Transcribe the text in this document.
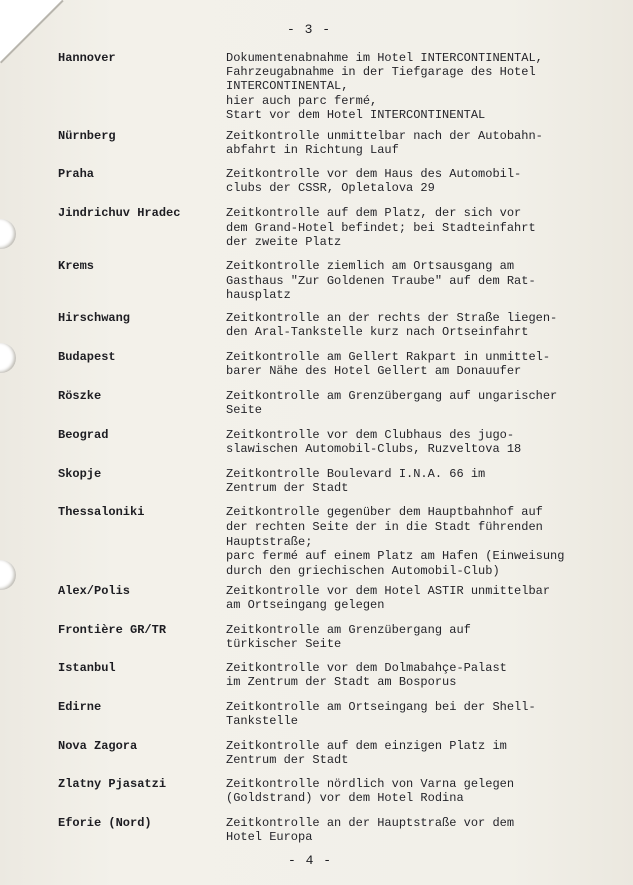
- 3 -
- 4 -
Hannover	Dokumentenabnahme im Hotel INTERCONTINENTAL,
Fahrzeugabnahme in der Tiefgarage des Hotel
INTERCONTINENTAL,
hier auch parc fermé,
Start vor dem Hotel INTERCONTINENTAL
Nürnberg	Zeitkontrolle unmittelbar nach der Autobahn-
abfahrt in Richtung Lauf
Praha	Zeitkontrolle vor dem Haus des Automobil-
clubs der CSSR, Opletalova 29
Jindrichuv Hradec	Zeitkontrolle auf dem Platz, der sich vor
dem Grand-Hotel befindet; bei Stadteinfahrt
der zweite Platz
Krems	Zeitkontrolle ziemlich am Ortsausgang am
Gasthaus "Zur Goldenen Traube" auf dem Rat-
hausplatz
Hirschwang	Zeitkontrolle an der rechts der Straße liegen-
den Aral-Tankstelle kurz nach Ortseinfahrt
Budapest	Zeitkontrolle am Gellert Rakpart in unmittel-
barer Nähe des Hotel Gellert am Donauufer
Röszke	Zeitkontrolle am Grenzübergang auf ungarischer
Seite
Beograd	Zeitkontrolle vor dem Clubhaus des jugo-
slawischen Automobil-Clubs, Ruzveltova 18
Skopje	Zeitkontrolle Boulevard I.N.A. 66 im
Zentrum der Stadt
Thessaloniki	Zeitkontrolle gegenüber dem Hauptbahnhof auf
der rechten Seite der in die Stadt führenden
Hauptstraße;
parc fermé auf einem Platz am Hafen (Einweisung
durch den griechischen Automobil-Club)
Alex/Polis	Zeitkontrolle vor dem Hotel ASTIR unmittelbar
am Ortseingang gelegen
Frontière GR/TR	Zeitkontrolle am Grenzübergang auf
türkischer Seite
Istanbul	Zeitkontrolle vor dem Dolmabahçe-Palast
im Zentrum der Stadt am Bosporus
Edirne	Zeitkontrolle am Ortseingang bei der Shell-
Tankstelle
Nova Zagora	Zeitkontrolle auf dem einzigen Platz im
Zentrum der Stadt
Zlatny Pjasatzi	Zeitkontrolle nördlich von Varna gelegen
(Goldstrand) vor dem Hotel Rodina
Eforie (Nord)	Zeitkontrolle an der Hauptstraße vor dem
Hotel Europa
